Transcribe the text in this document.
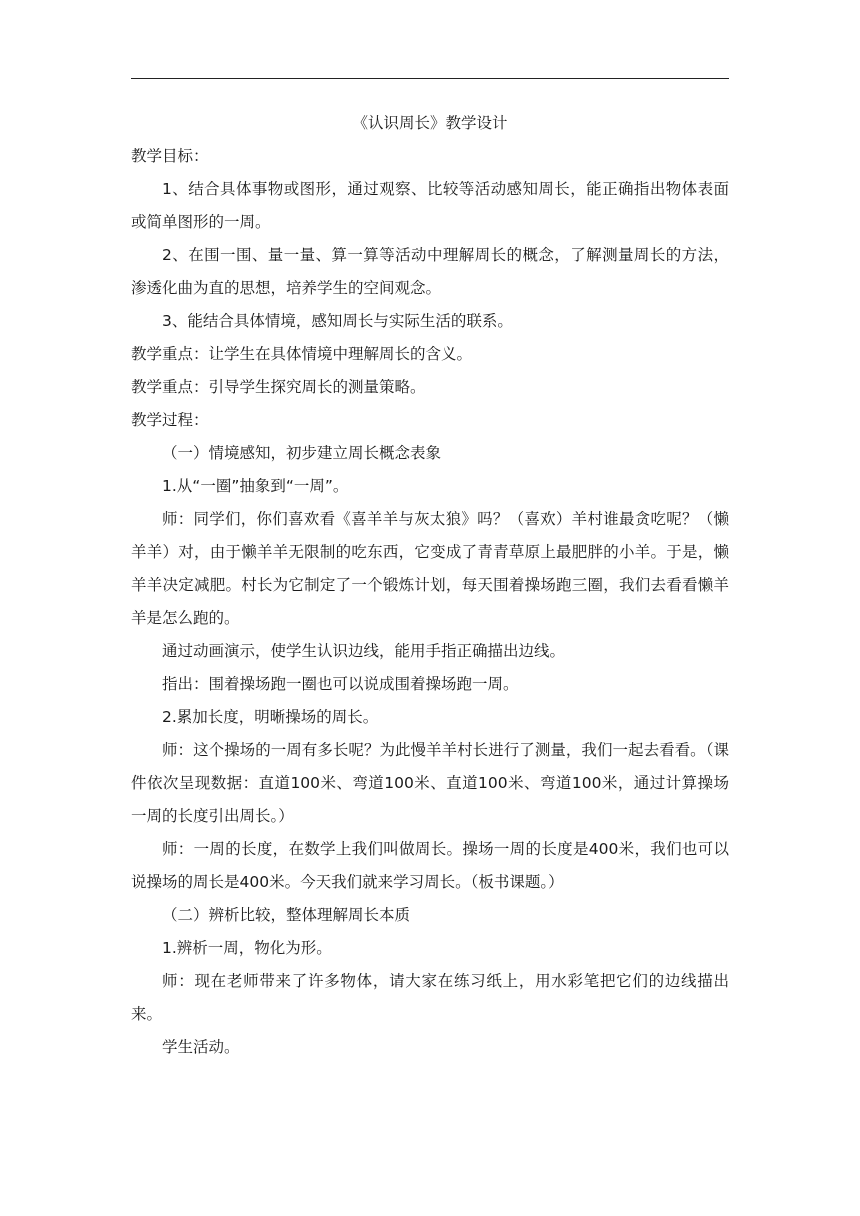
《认识周长》教学设计

教学目标：

1、结合具体事物或图形，通过观察、比较等活动感知周长，能正确指出物体表面或简单图形的一周。

2、在围一围、量一量、算一算等活动中理解周长的概念，了解测量周长的方法，渗透化曲为直的思想，培养学生的空间观念。

3、能结合具体情境，感知周长与实际生活的联系。

教学重点：让学生在具体情境中理解周长的含义。

教学重点：引导学生探究周长的测量策略。

教学过程：

（一）情境感知，初步建立周长概念表象

1.从“一圈”抽象到“一周”。

师：同学们，你们喜欢看《喜羊羊与灰太狼》吗？（喜欢）羊村谁最贪吃呢？（懒羊羊）对，由于懒羊羊无限制的吃东西，它变成了青青草原上最肥胖的小羊。于是，懒羊羊决定减肥。村长为它制定了一个锻炼计划，每天围着操场跑三圈，我们去看看懒羊羊是怎么跑的。

通过动画演示，使学生认识边线，能用手指正确描出边线。

指出：围着操场跑一圈也可以说成围着操场跑一周。

2.累加长度，明晰操场的周长。

师：这个操场的一周有多长呢？为此慢羊羊村长进行了测量，我们一起去看看。（课件依次呈现数据：直道100米、弯道100米、直道100米、弯道100米，通过计算操场一周的长度引出周长。）

师：一周的长度，在数学上我们叫做周长。操场一周的长度是400米，我们也可以说操场的周长是400米。今天我们就来学习周长。（板书课题。）

（二）辨析比较，整体理解周长本质

1.辨析一周，物化为形。

师：现在老师带来了许多物体，请大家在练习纸上，用水彩笔把它们的边线描出来。

学生活动。
